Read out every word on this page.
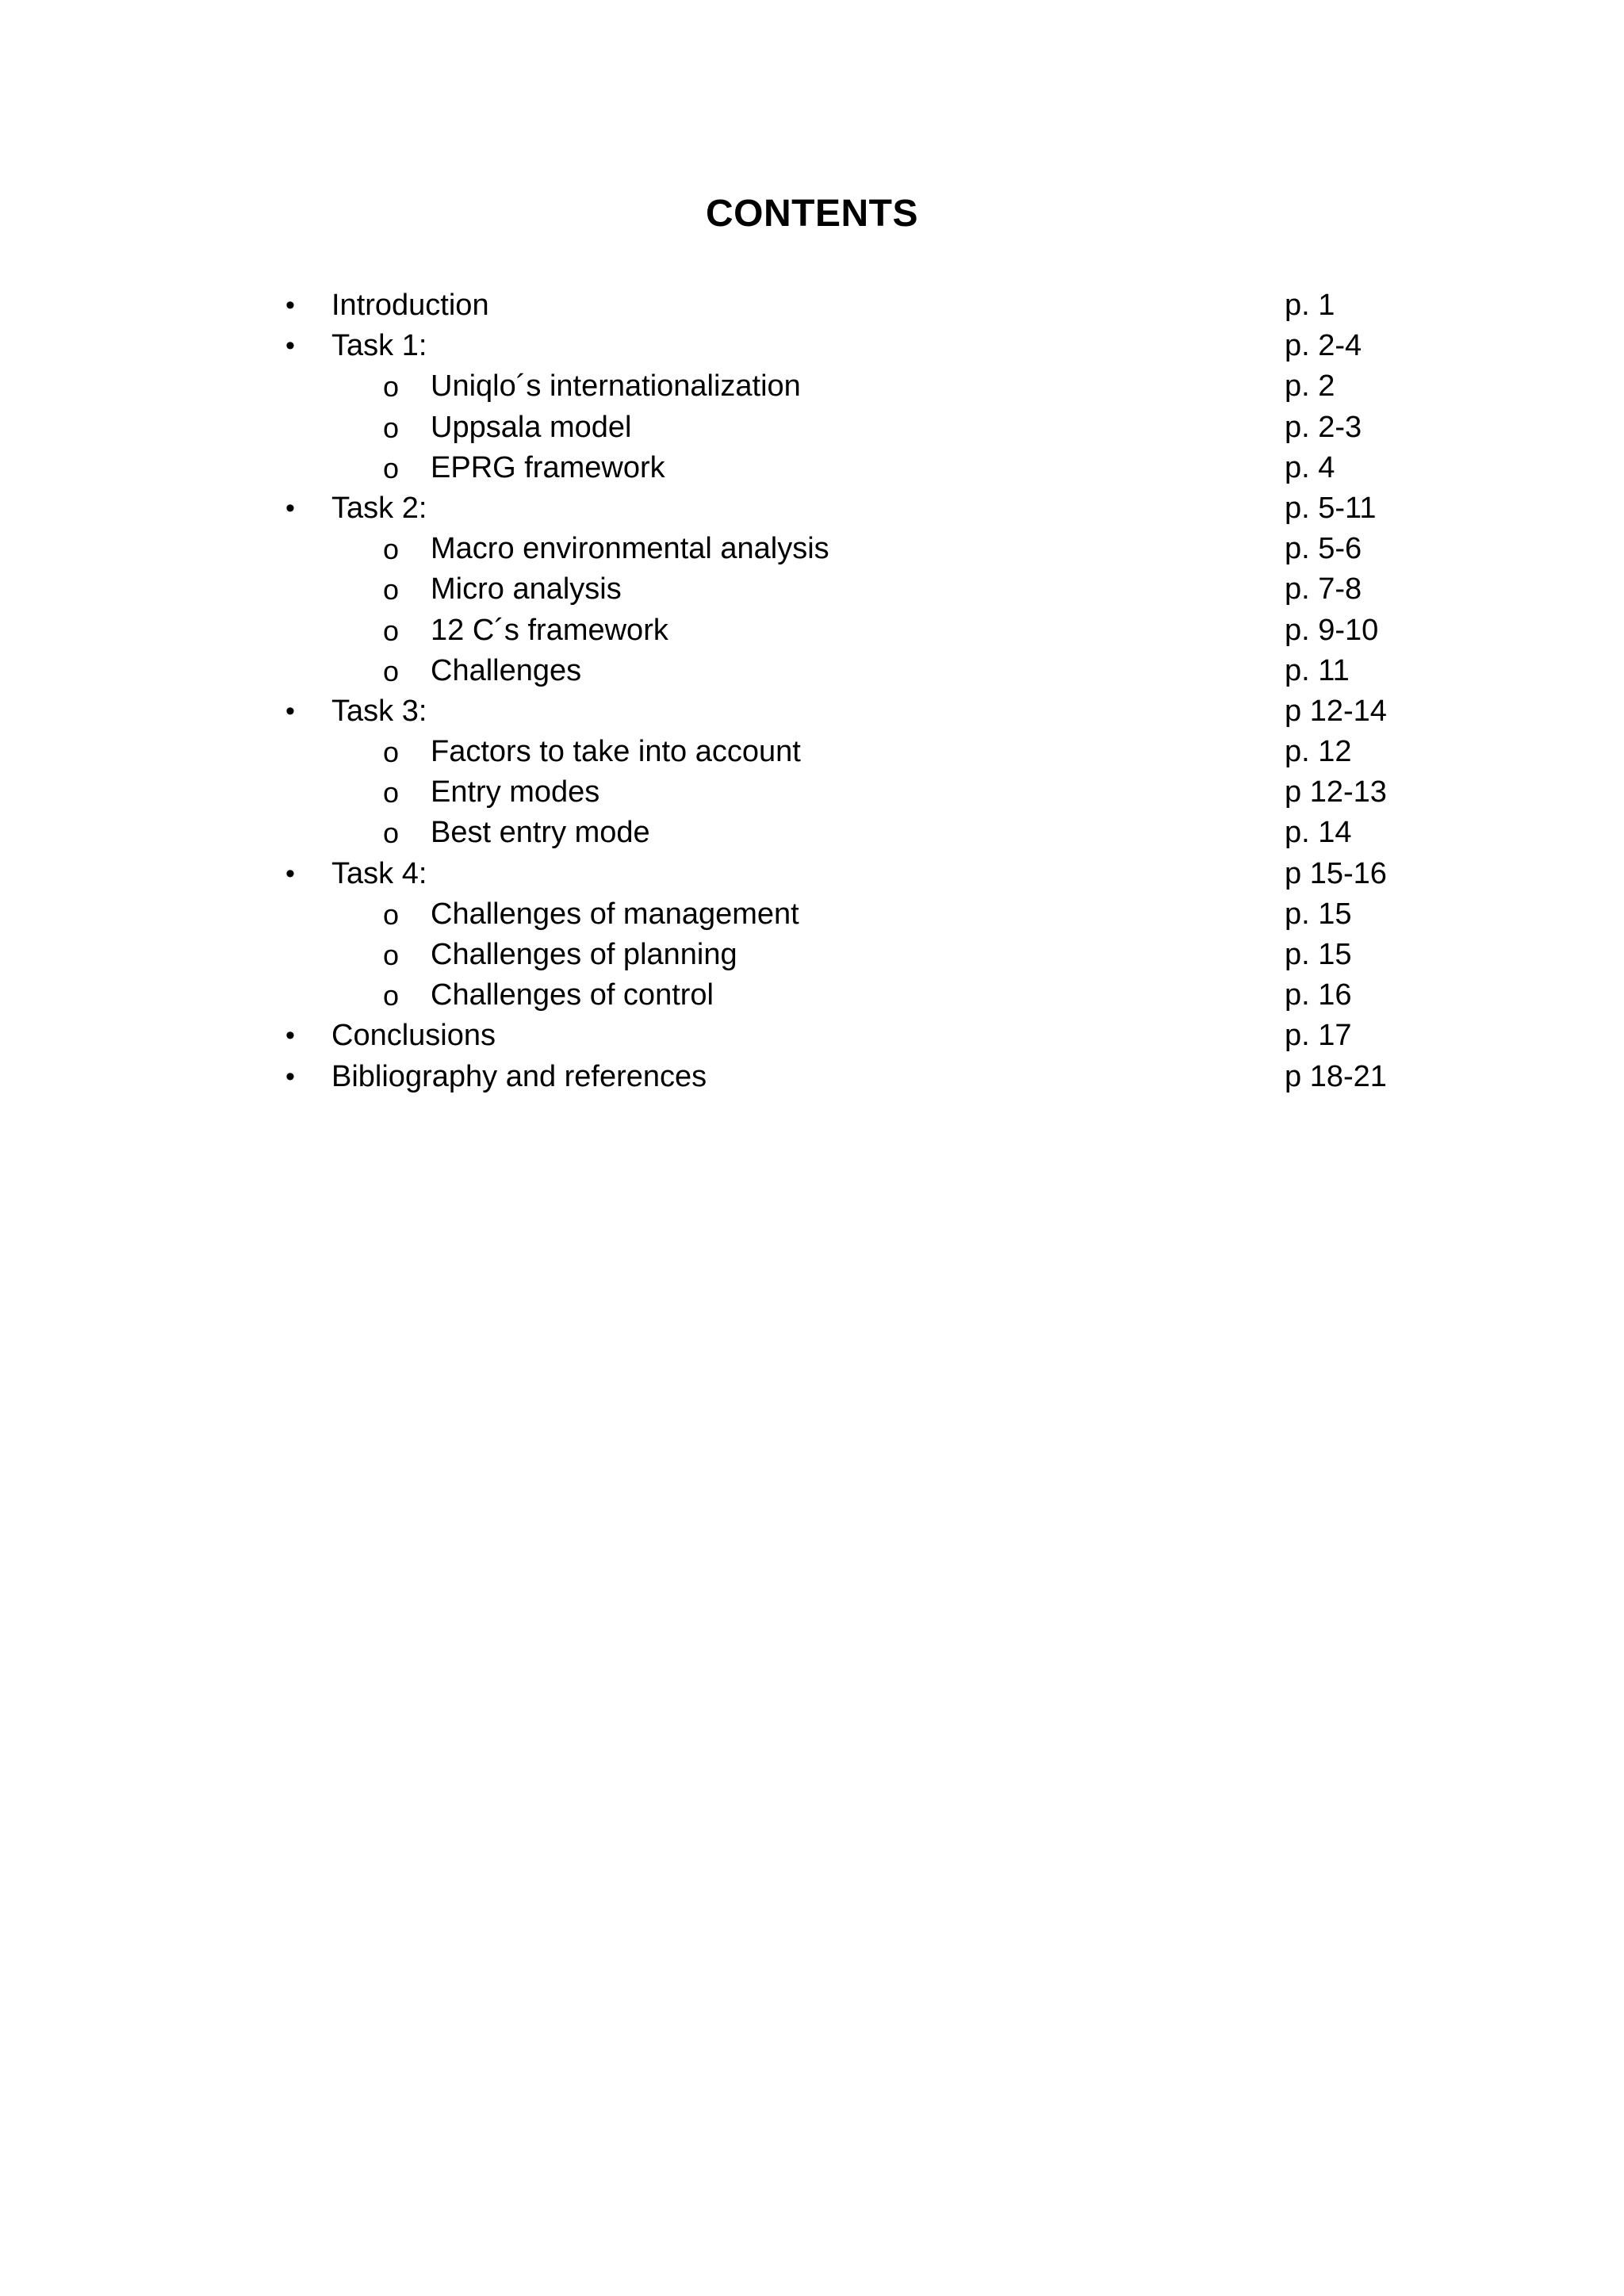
CONTENTS
• Introduction	p. 1
• Task 1:	p. 2-4
o Uniqlo´s internationalization	p. 2
o Uppsala model	p. 2-3
o EPRG framework	p. 4
• Task 2:	p. 5-11
o Macro environmental analysis	p. 5-6
o Micro analysis	p. 7-8
o 12 C´s framework	p. 9-10
o Challenges	p. 11
• Task 3:	p 12-14
o Factors to take into account	p. 12
o Entry modes	p 12-13
o Best entry mode	p. 14
• Task 4:	p 15-16
o Challenges of management	p. 15
o Challenges of planning	p. 15
o Challenges of control	p. 16
• Conclusions	p. 17
• Bibliography and references	p 18-21
